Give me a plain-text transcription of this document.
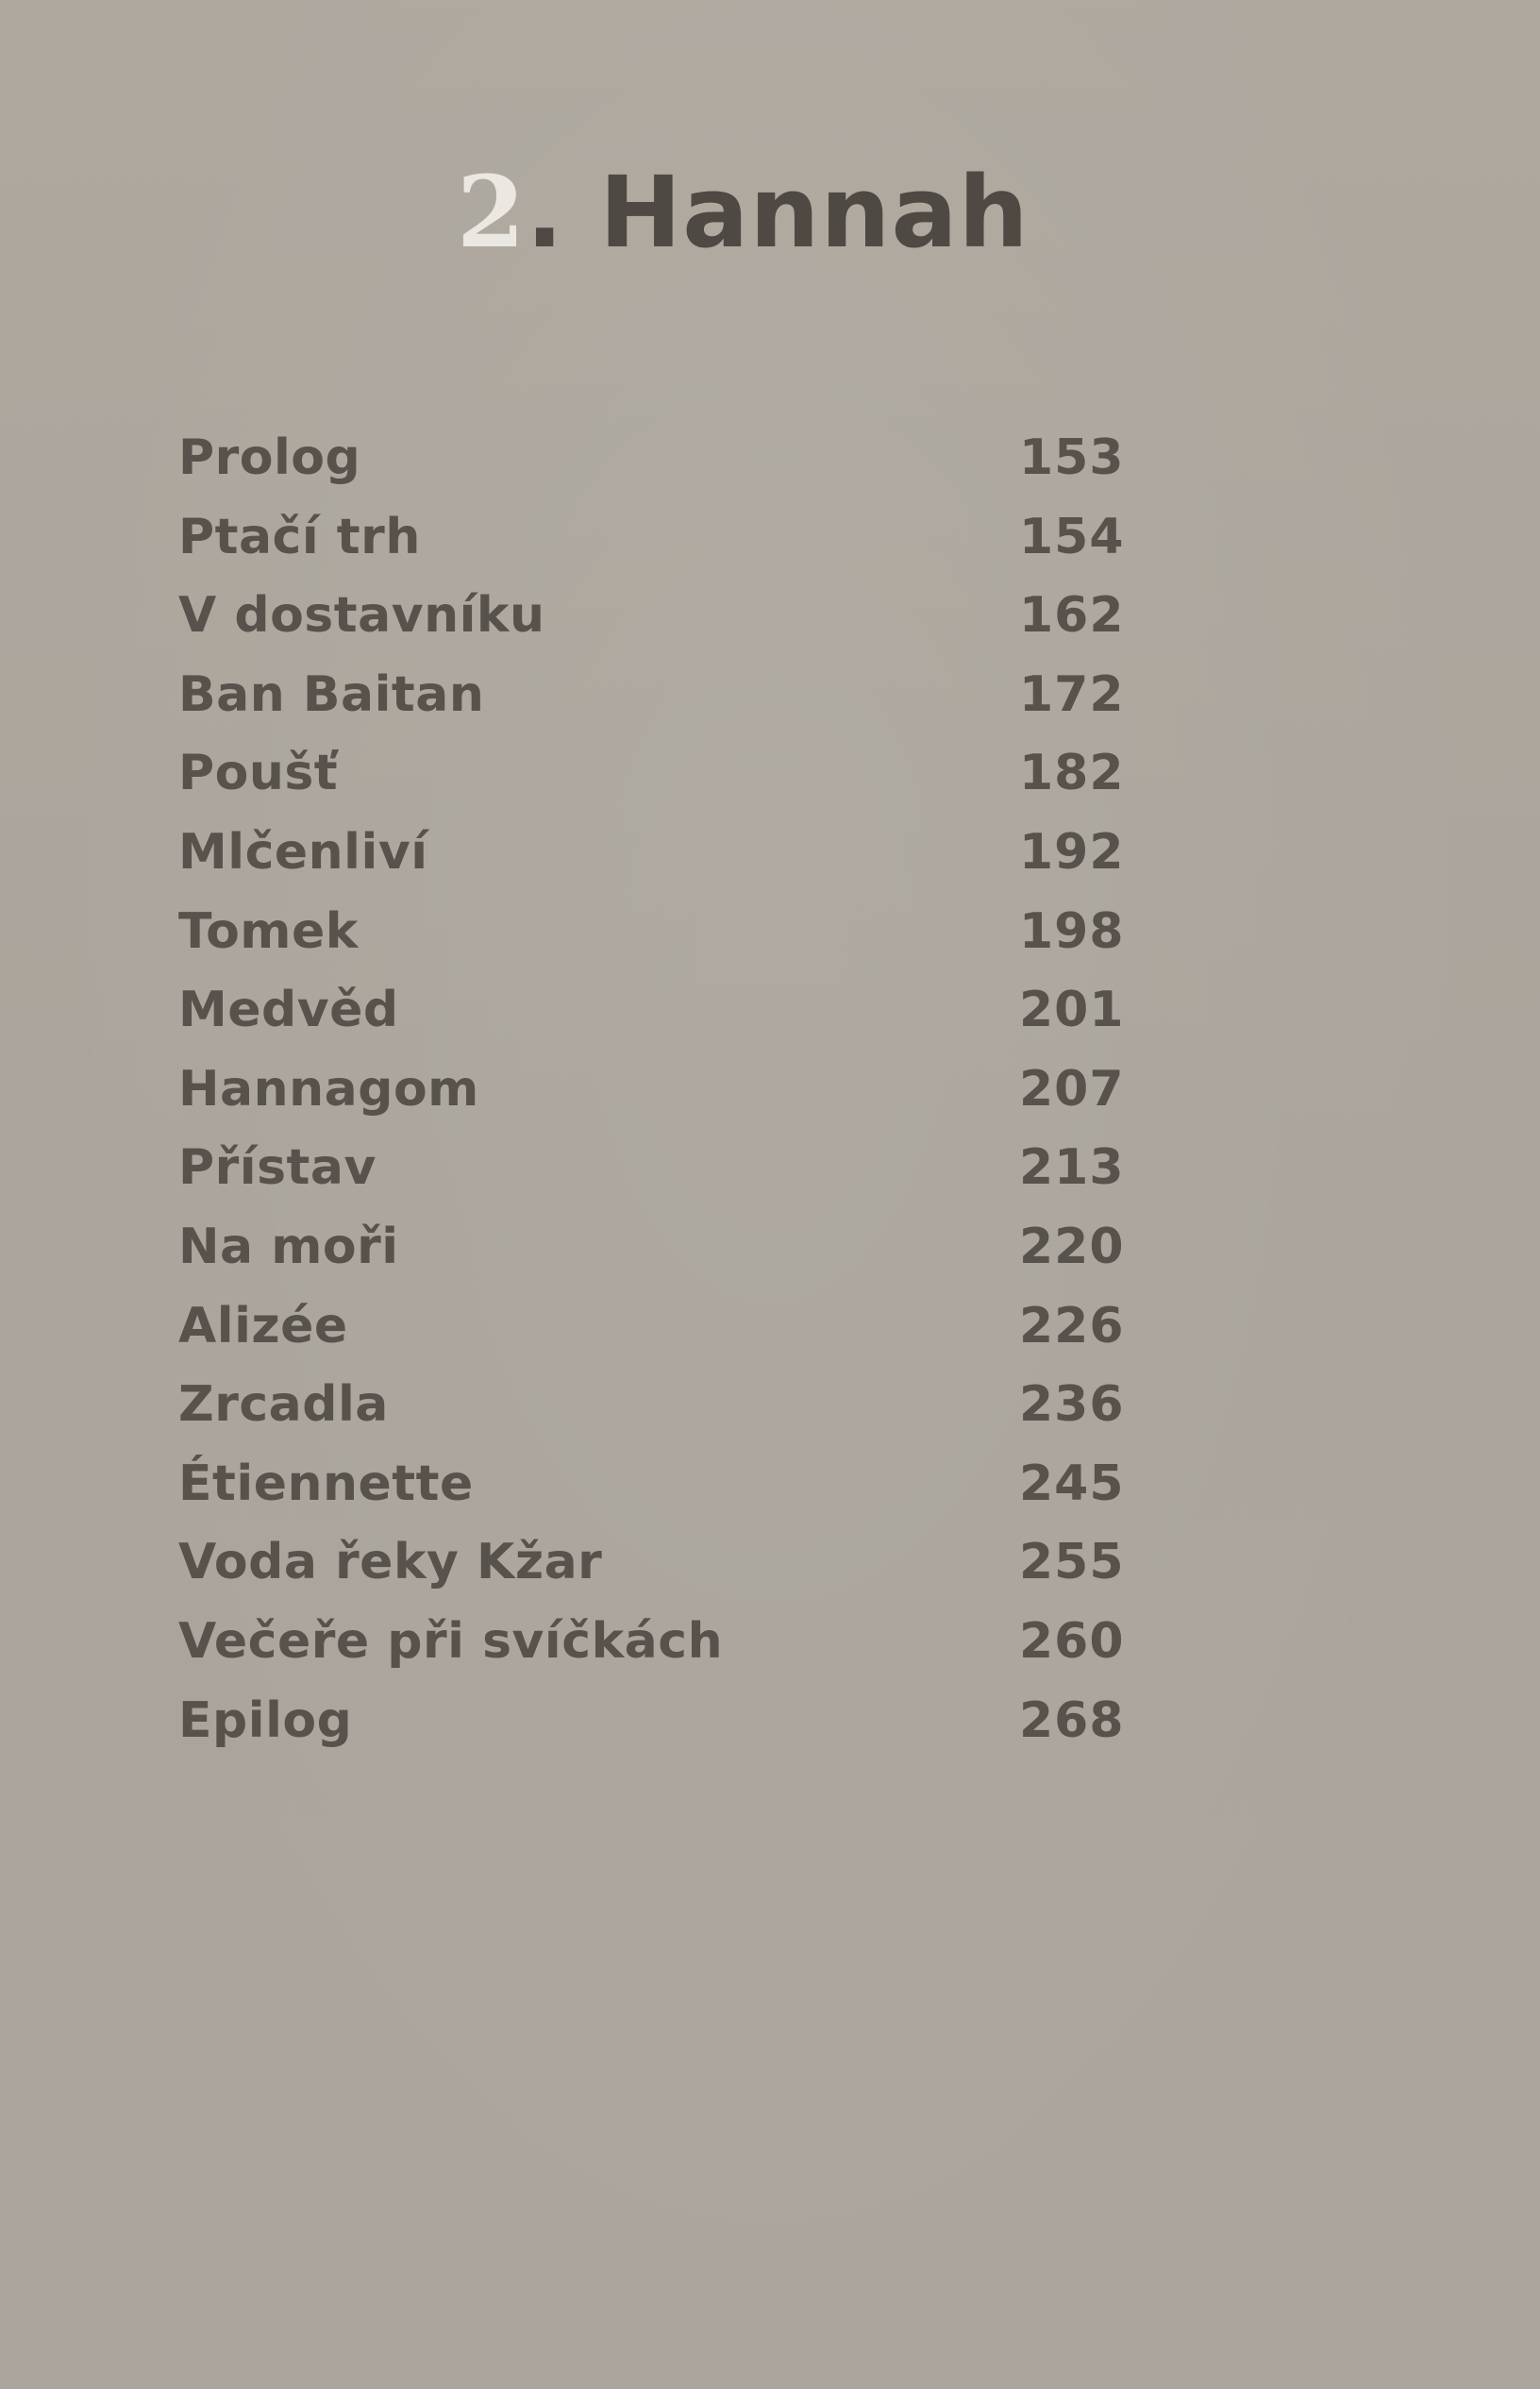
2. Hannah
Prolog	153
Ptačí trh	154
V dostavníku	162
Ban Baitan	172
Poušť	182
Mlčenliví	192
Tomek	198
Medvěd	201
Hannagom	207
Přístav	213
Na moři	220
Alizée	226
Zrcadla	236
Étiennette	245
Voda řeky Kžar	255
Večeře při svíčkách	260
Epilog	268
